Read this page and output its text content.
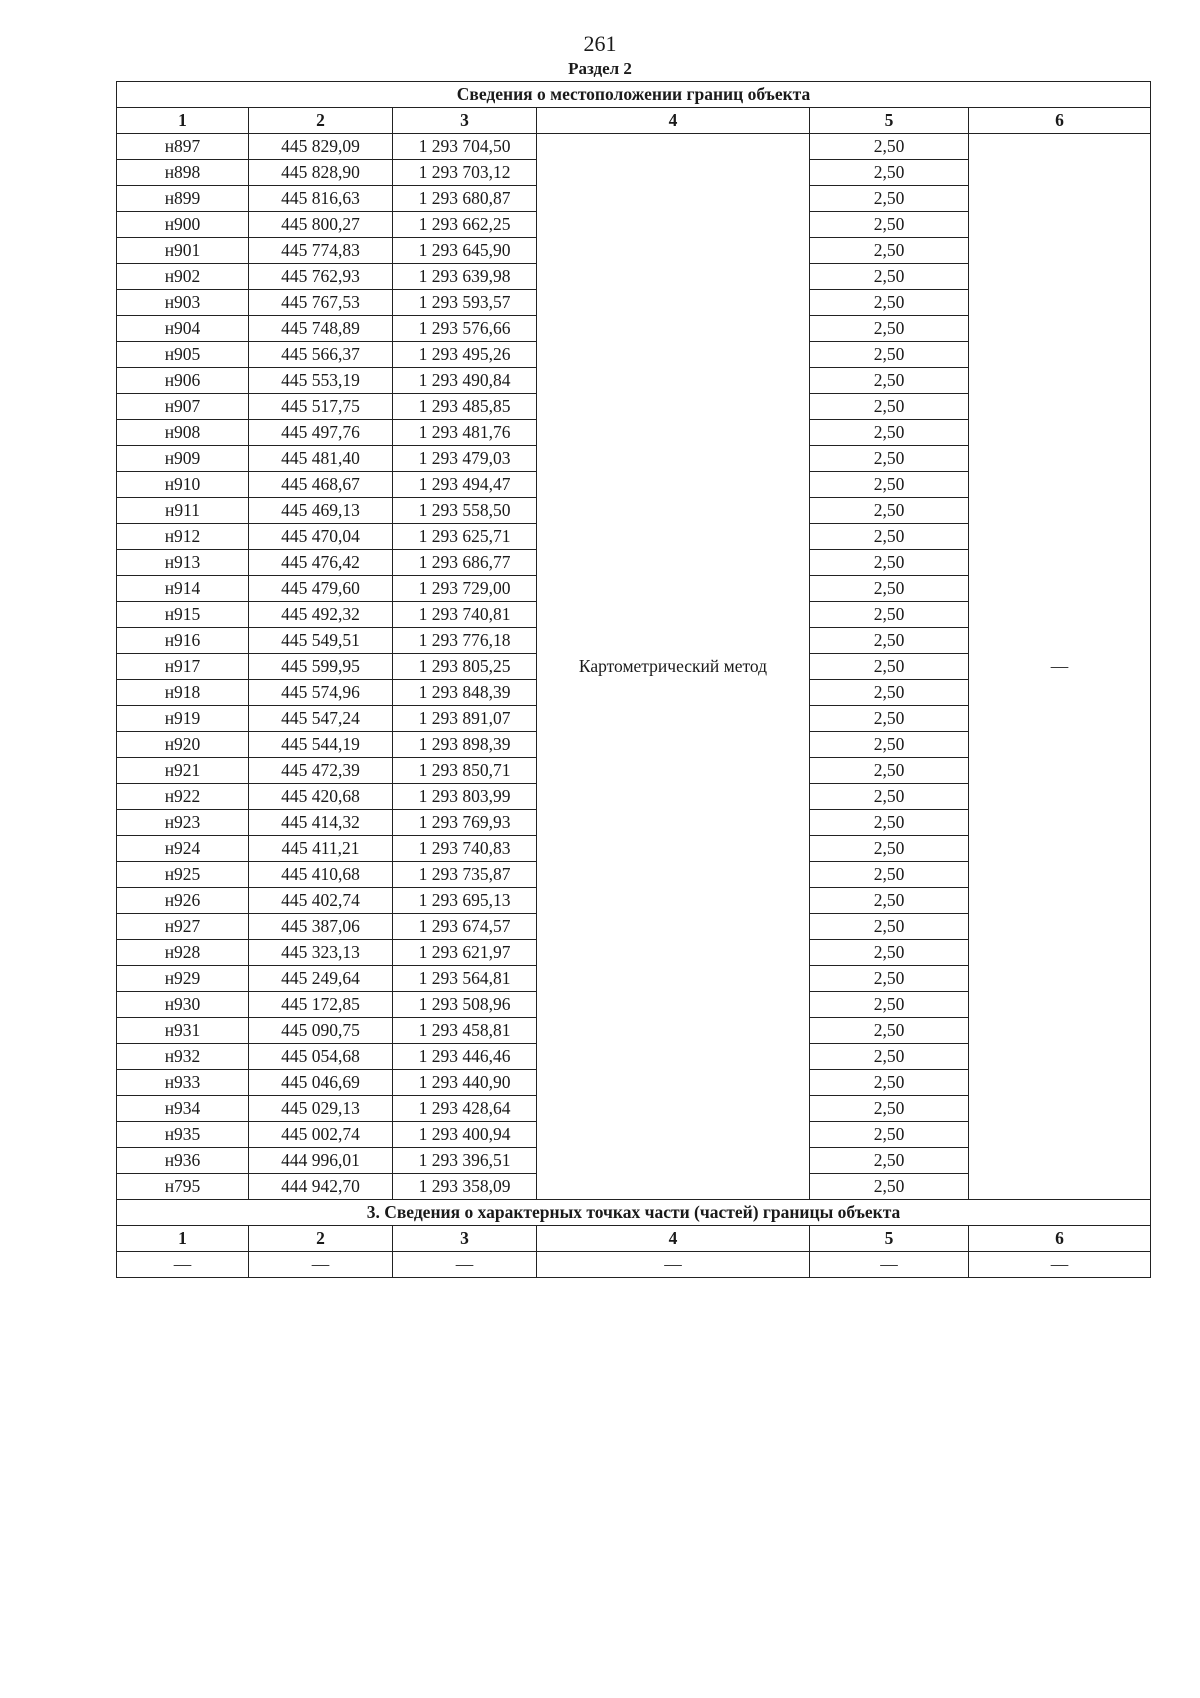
261
Раздел 2
Сведения о местоположении границ объекта					
1	2	3	4	5	6
н897	445 829,09	1 293 704,50	Картометрический метод	2,50	—
н898	445 828,90	1 293 703,12		2,50	
н899	445 816,63	1 293 680,87		2,50	
н900	445 800,27	1 293 662,25		2,50	
н901	445 774,83	1 293 645,90		2,50	
н902	445 762,93	1 293 639,98		2,50	
н903	445 767,53	1 293 593,57		2,50	
н904	445 748,89	1 293 576,66		2,50	
н905	445 566,37	1 293 495,26		2,50	
н906	445 553,19	1 293 490,84		2,50	
н907	445 517,75	1 293 485,85		2,50	
н908	445 497,76	1 293 481,76		2,50	
н909	445 481,40	1 293 479,03		2,50	
н910	445 468,67	1 293 494,47		2,50	
н911	445 469,13	1 293 558,50		2,50	
н912	445 470,04	1 293 625,71		2,50	
н913	445 476,42	1 293 686,77		2,50	
н914	445 479,60	1 293 729,00		2,50	
н915	445 492,32	1 293 740,81		2,50	
н916	445 549,51	1 293 776,18		2,50	
н917	445 599,95	1 293 805,25		2,50	
н918	445 574,96	1 293 848,39		2,50	
н919	445 547,24	1 293 891,07		2,50	
н920	445 544,19	1 293 898,39		2,50	
н921	445 472,39	1 293 850,71		2,50	
н922	445 420,68	1 293 803,99		2,50	
н923	445 414,32	1 293 769,93		2,50	
н924	445 411,21	1 293 740,83		2,50	
н925	445 410,68	1 293 735,87		2,50	
н926	445 402,74	1 293 695,13		2,50	
н927	445 387,06	1 293 674,57		2,50	
н928	445 323,13	1 293 621,97		2,50	
н929	445 249,64	1 293 564,81		2,50	
н930	445 172,85	1 293 508,96		2,50	
н931	445 090,75	1 293 458,81		2,50	
н932	445 054,68	1 293 446,46		2,50	
н933	445 046,69	1 293 440,90		2,50	
н934	445 029,13	1 293 428,64		2,50	
н935	445 002,74	1 293 400,94		2,50	
н936	444 996,01	1 293 396,51		2,50	
н795	444 942,70	1 293 358,09		2,50	
3. Сведения о характерных точках части (частей) границы объекта					
1	2	3	4	5	6
—	—	—	—	—	—
